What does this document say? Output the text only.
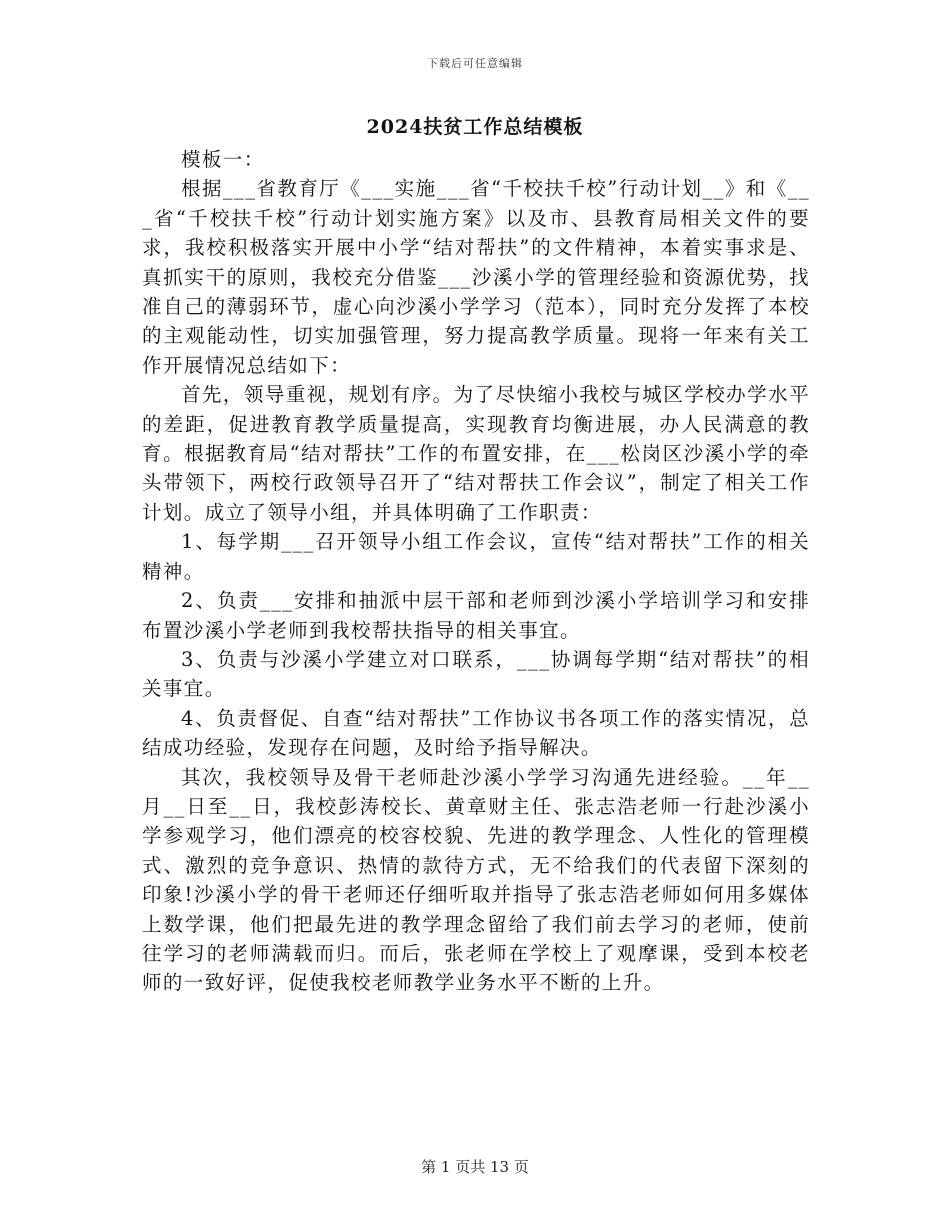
下载后可任意编辑
2024扶贫工作总结模板

模板一：

根据___省教育厅《___实施___省“千校扶千校”行动计划__》和《___省“千校扶千校”行动计划实施方案》以及市、县教育局相关文件的要求，我校积极落实开展中小学“结对帮扶”的文件精神，本着实事求是、真抓实干的原则，我校充分借鉴___沙溪小学的管理经验和资源优势，找准自己的薄弱环节，虚心向沙溪小学学习（范本），同时充分发挥了本校的主观能动性，切实加强管理，努力提高教学质量。现将一年来有关工作开展情况总结如下：

首先，领导重视，规划有序。为了尽快缩小我校与城区学校办学水平的差距，促进教育教学质量提高，实现教育均衡进展，办人民满意的教育。根据教育局“结对帮扶”工作的布置安排，在___松岗区沙溪小学的牵头带领下，两校行政领导召开了“结对帮扶工作会议”，制定了相关工作计划。成立了领导小组，并具体明确了工作职责：

1、每学期___召开领导小组工作会议，宣传“结对帮扶”工作的相关精神。

2、负责___安排和抽派中层干部和老师到沙溪小学培训学习和安排布置沙溪小学老师到我校帮扶指导的相关事宜。

3、负责与沙溪小学建立对口联系，___协调每学期“结对帮扶”的相关事宜。

4、负责督促、自查“结对帮扶”工作协议书各项工作的落实情况，总结成功经验，发现存在问题，及时给予指导解决。

其次，我校领导及骨干老师赴沙溪小学学习沟通先进经验。__年__月__日至__日，我校彭涛校长、黄章财主任、张志浩老师一行赴沙溪小学参观学习，他们漂亮的校容校貌、先进的教学理念、人性化的管理模式、激烈的竞争意识、热情的款待方式，无不给我们的代表留下深刻的印象!沙溪小学的骨干老师还仔细听取并指导了张志浩老师如何用多媒体上数学课，他们把最先进的教学理念留给了我们前去学习的老师，使前往学习的老师满载而归。而后，张老师在学校上了观摩课，受到本校老师的一致好评，促使我校老师教学业务水平不断的上升。

第 1 页共 13 页
